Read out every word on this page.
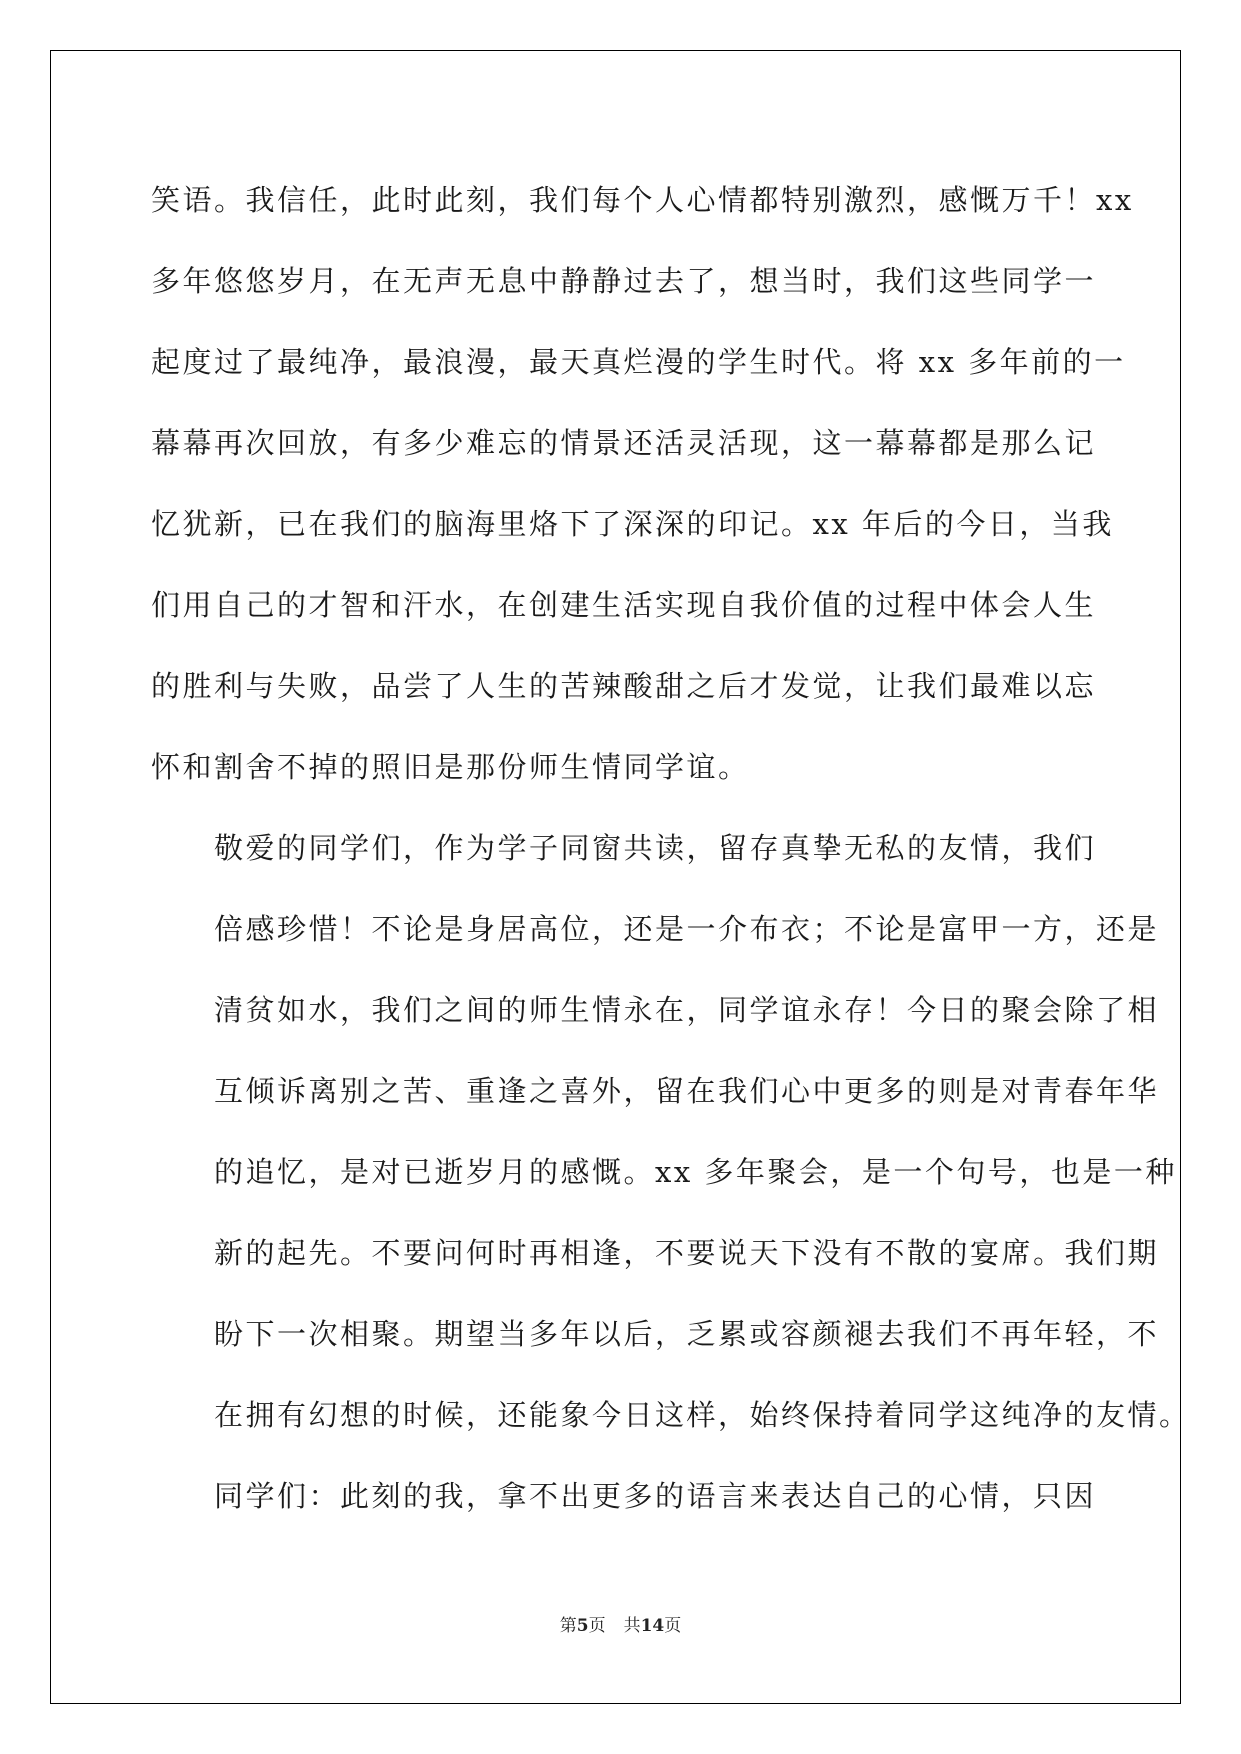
笑语。我信任，此时此刻，我们每个人心情都特别激烈，感慨万千！xx
多年悠悠岁月，在无声无息中静静过去了，想当时，我们这些同学一
起度过了最纯净，最浪漫，最天真烂漫的学生时代。将 xx 多年前的一
幕幕再次回放，有多少难忘的情景还活灵活现，这一幕幕都是那么记
忆犹新，已在我们的脑海里烙下了深深的印记。xx 年后的今日，当我
们用自己的才智和汗水，在创建生活实现自我价值的过程中体会人生
的胜利与失败，品尝了人生的苦辣酸甜之后才发觉，让我们最难以忘
怀和割舍不掉的照旧是那份师生情同学谊。

敬爱的同学们，作为学子同窗共读，留存真挚无私的友情，我们
倍感珍惜！不论是身居高位，还是一介布衣；不论是富甲一方，还是
清贫如水，我们之间的师生情永在，同学谊永存！今日的聚会除了相
互倾诉离别之苦、重逢之喜外，留在我们心中更多的则是对青春年华
的追忆，是对已逝岁月的感慨。xx 多年聚会，是一个句号，也是一种
新的起先。不要问何时再相逢，不要说天下没有不散的宴席。我们期
盼下一次相聚。期望当多年以后，乏累或容颜褪去我们不再年轻，不
在拥有幻想的时候，还能象今日这样，始终保持着同学这纯净的友情。

同学们：此刻的我，拿不出更多的语言来表达自己的心情，只因

第5页 共14页
